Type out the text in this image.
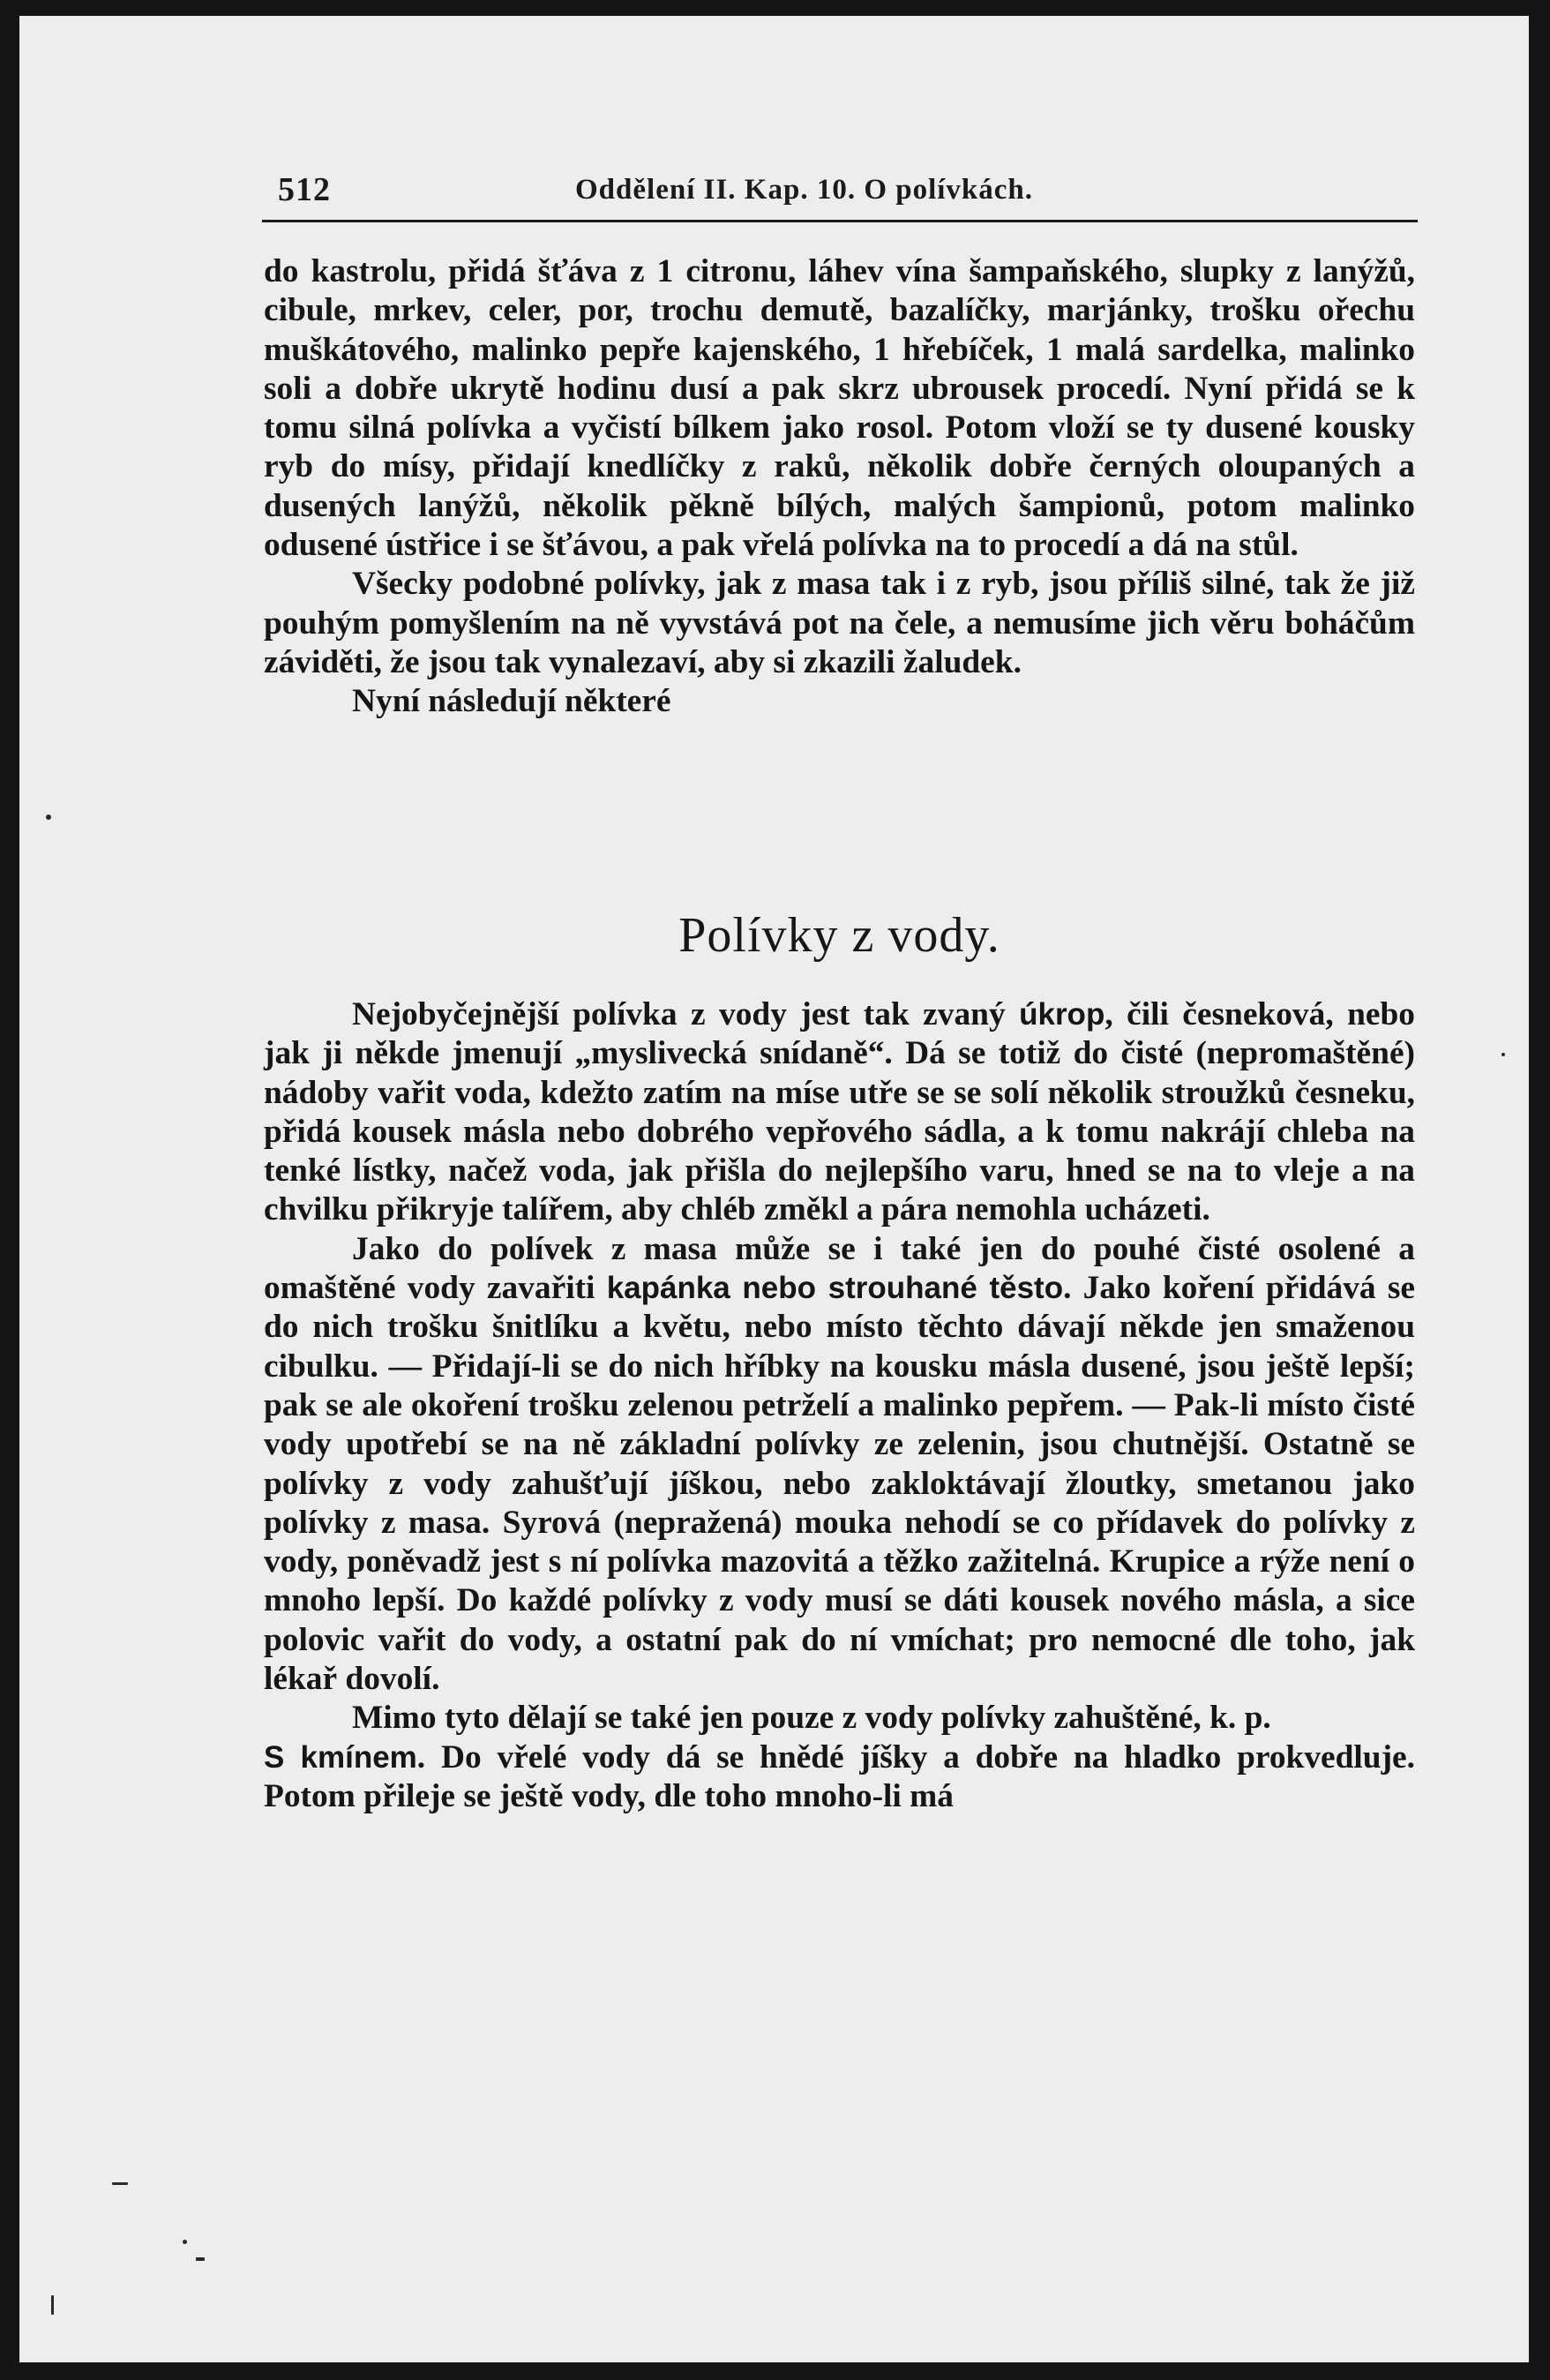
512	Oddělení II. Kap. 10. O polívkách.

do kastrolu, přidá šťáva z 1 citronu, láhev vína šampaňského, slupky z lanýžů, cibule, mrkev, celer, por, trochu demutě, bazalíčky, marjánky, trošku ořechu muškátového, malinko pepře kajenského, 1 hřebíček, 1 malá sardelka, malinko soli a dobře ukrytě hodinu dusí a pak skrz ubrousek procedí. Nyní přidá se k tomu silná polívka a vyčistí bílkem jako rosol. Potom vloží se ty dusené kousky ryb do mísy, přidají knedlíčky z raků, několik dobře černých oloupaných a dusených lanýžů, několik pěkně bílých, malých šampionů, potom malinko odusené ústřice i se šťávou, a pak vřelá polívka na to procedí a dá na stůl.

Všecky podobné polívky, jak z masa tak i z ryb, jsou příliš silné, tak že již pouhým pomyšlením na ně vyvstává pot na čele, a nemusíme jich věru boháčům záviděti, že jsou tak vynalezaví, aby si zkazili žaludek.

Nyní následují některé

Polívky z vody.

Nejobyčejnější polívka z vody jest tak zvaný úkrop, čili česneková, nebo jak ji někde jmenují „myslivecká snídaně“. Dá se totiž do čisté (nepromaštěné) nádoby vařit voda, kdežto zatím na míse utře se se solí několik stroužků česneku, přidá kousek másla nebo dobrého vepřového sádla, a k tomu nakrájí chleba na tenké lístky, načež voda, jak přišla do nejlepšího varu, hned se na to vleje a na chvilku přikryje talířem, aby chléb změkl a pára nemohla ucházeti.

Jako do polívek z masa může se i také jen do pouhé čisté osolené a omaštěné vody zavařiti kapánka nebo strouhané těsto. Jako koření přidává se do nich trošku šnitlíku a květu, nebo místo těchto dávají někde jen smaženou cibulku. — Přidají-li se do nich hříbky na kousku másla dusené, jsou ještě lepší; pak se ale okoření trošku zelenou petrželí a malinko pepřem. — Pak-li místo čisté vody upotřebí se na ně základní polívky ze zelenin, jsou chutnější. Ostatně se polívky z vody zahušťují jíškou, nebo zakloktávají žloutky, smetanou jako polívky z masa. Syrová (nepražená) mouka nehodí se co přídavek do polívky z vody, poněvadž jest s ní polívka mazovitá a těžko zažitelná. Krupice a rýže není o mnoho lepší. Do každé polívky z vody musí se dáti kousek nového másla, a sice polovic vařit do vody, a ostatní pak do ní vmíchat; pro nemocné dle toho, jak lékař dovolí.

Mimo tyto dělají se také jen pouze z vody polívky zahuštěné, k. p.

S kmínem. Do vřelé vody dá se hnědé jíšky a dobře na hladko prokvedluje. Potom přileje se ještě vody, dle toho mnoho-li má
